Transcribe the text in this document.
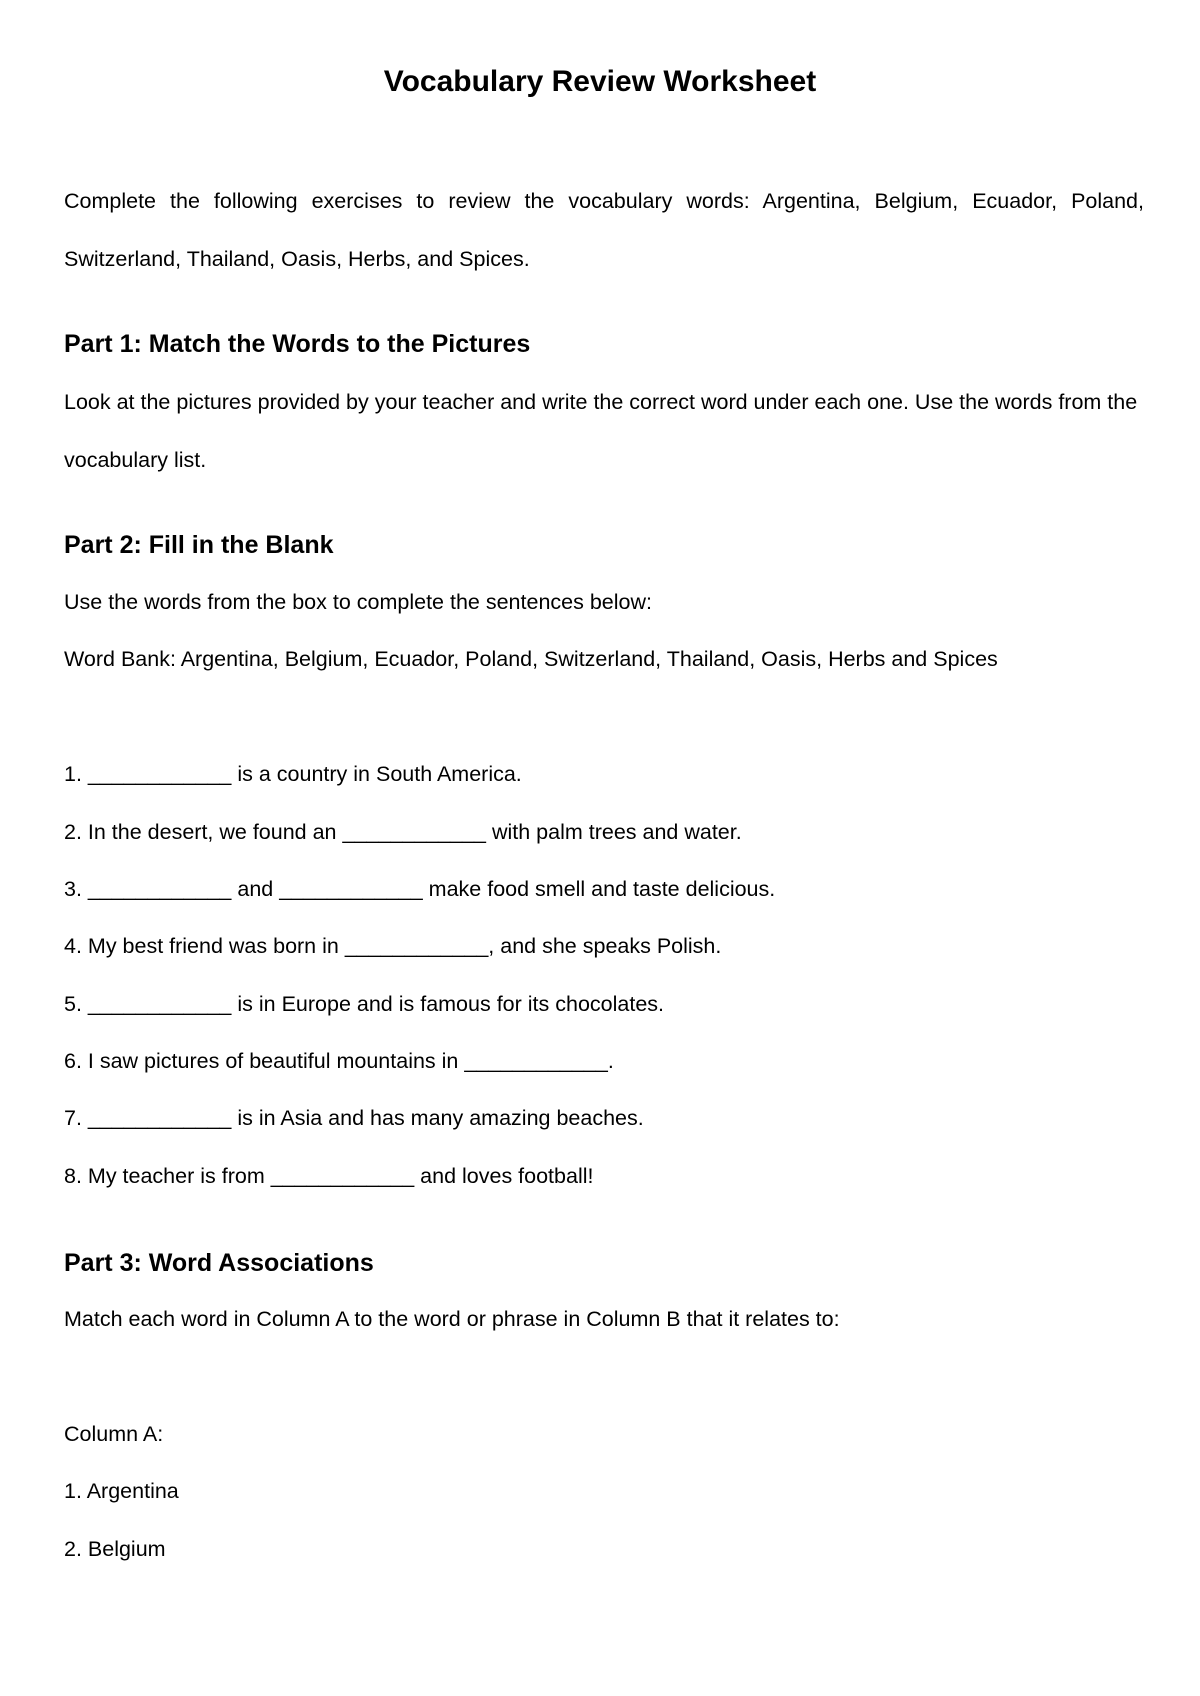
Vocabulary Review Worksheet

Complete the following exercises to review the vocabulary words: Argentina, Belgium, Ecuador, Poland, Switzerland, Thailand, Oasis, Herbs, and Spices.

Part 1: Match the Words to the Pictures

Look at the pictures provided by your teacher and write the correct word under each one. Use the words from the vocabulary list.

Part 2: Fill in the Blank

Use the words from the box to complete the sentences below:

Word Bank: Argentina, Belgium, Ecuador, Poland, Switzerland, Thailand, Oasis, Herbs and Spices

1. ____________ is a country in South America.

2. In the desert, we found an ____________ with palm trees and water.

3. ____________ and ____________ make food smell and taste delicious.

4. My best friend was born in ____________, and she speaks Polish.

5. ____________ is in Europe and is famous for its chocolates.

6. I saw pictures of beautiful mountains in ____________.

7. ____________ is in Asia and has many amazing beaches.

8. My teacher is from ____________ and loves football!

Part 3: Word Associations

Match each word in Column A to the word or phrase in Column B that it relates to:

Column A:

1. Argentina

2. Belgium
